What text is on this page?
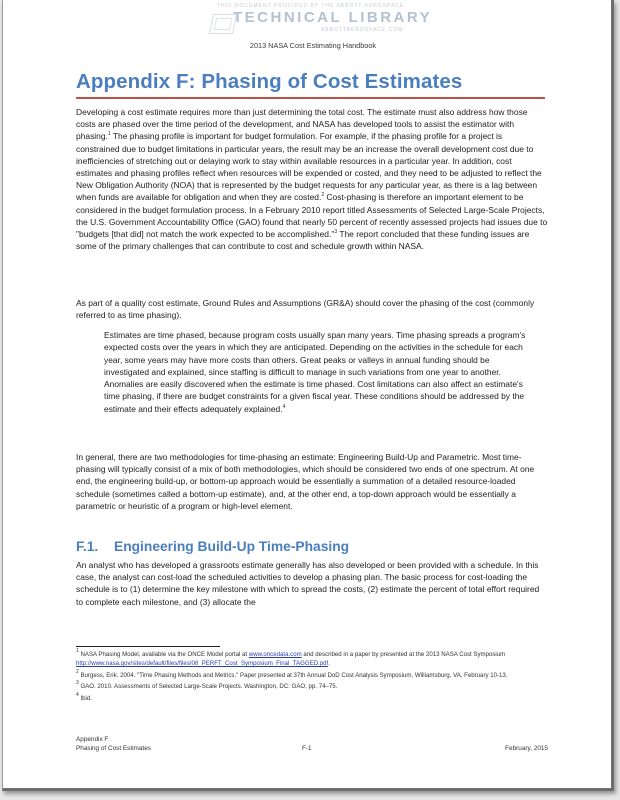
THIS DOCUMENT PROVIDED BY THE ABBOTT AEROSPACE
TECHNICAL LIBRARY
ABBOTTAEROSPACE.COM
2013 NASA Cost Estimating Handbook
Appendix F: Phasing of Cost Estimates

Developing a cost estimate requires more than just determining the total cost. The estimate must also address how those costs are phased over the time period of the development, and NASA has developed tools to assist the estimator with phasing.$^1$ The phasing profile is important for budget formulation. For example, if the phasing profile for a project is constrained due to budget limitations in particular years, the result may be an increase the overall development cost due to inefficiencies of stretching out or delaying work to stay within available resources in a particular year. In addition, cost estimates and phasing profiles reflect when resources will be expended or costed, and they need to be adjusted to reflect the New Obligation Authority (NOA) that is represented by the budget requests for any particular year, as there is a lag between when funds are available for obligation and when they are costed.$^2$ Cost-phasing is therefore an important element to be considered in the budget formulation process. In a February 2010 report titled Assessments of Selected Large-Scale Projects, the U.S. Government Accountability Office (GAO) found that nearly 50 percent of recently assessed projects had issues due to "budgets [that did] not match the work expected to be accomplished."$^3$ The report concluded that these funding issues are some of the primary challenges that can contribute to cost and schedule growth within NASA.

As part of a quality cost estimate, Ground Rules and Assumptions (GR&A) should cover the phasing of the cost (commonly referred to as time phasing).

Estimates are time phased, because program costs usually span many years. Time phasing spreads a program's expected costs over the years in which they are anticipated. Depending on the activities in the schedule for each year, some years may have more costs than others. Great peaks or valleys in annual funding should be investigated and explained, since staffing is difficult to manage in such variations from one year to another. Anomalies are easily discovered when the estimate is time phased. Cost limitations can also affect an estimate's time phasing, if there are budget constraints for a given fiscal year. These conditions should be addressed by the estimate and their effects adequately explained.$^4$

In general, there are two methodologies for time-phasing an estimate: Engineering Build-Up and Parametric. Most time-phasing will typically consist of a mix of both methodologies, which should be considered two ends of one spectrum. At one end, the engineering build-up, or bottom-up approach would be essentially a summation of a detailed resource-loaded schedule (sometimes called a bottom-up estimate), and, at the other end, a top-down approach would be essentially a parametric or heuristic of a program or high-level element.

F.1. Engineering Build-Up Time-Phasing

An analyst who has developed a grassroots estimate generally has also developed or been provided with a schedule. In this case, the analyst can cost-load the scheduled activities to develop a phasing plan. The basic process for cost-loading the schedule is to (1) determine the key milestone with which to spread the costs, (2) estimate the percent of total effort required to complete each milestone, and (3) allocate the

$^1$ NASA Phasing Model, available via the ONCE Model portal at www.oncedata.com and described in a paper by presented at the 2013 NASA Cost Symposium http://www.nasa.gov/sites/default/files/files/08_PERFT_Cost_Symposium_Final_TAGGED.pdf.
$^2$ Burgess, Erik. 2004. "Time Phasing Methods and Metrics." Paper presented at 37th Annual DoD Cost Analysis Symposium, Williamsburg, VA, February 10-13.
$^3$ GAO. 2010. Assessments of Selected Large-Scale Projects. Washington, DC: GAO, pp. 74–75.
$^4$ Ibid.
Appendix F
Phasing of Cost Estimates	F-1	February, 2015
